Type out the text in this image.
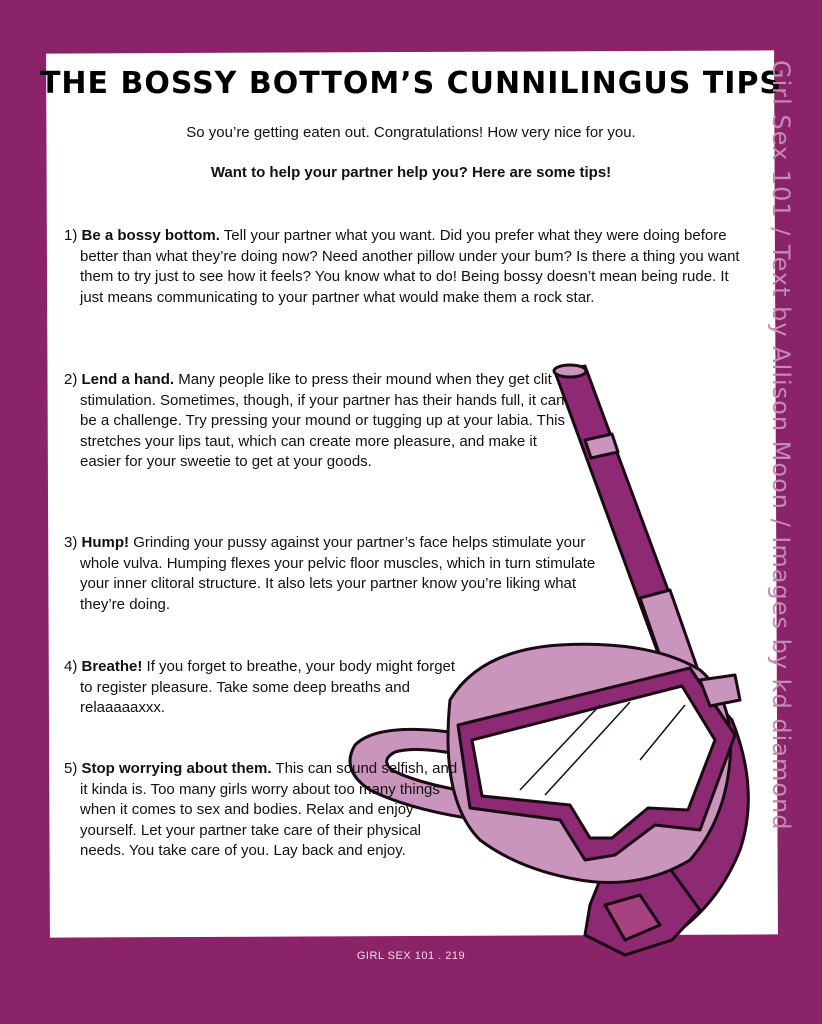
THE BOSSY BOTTOM’S CUNNILINGUS TIPS
So you’re getting eaten out. Congratulations! How very nice for you.
Want to help your partner help you? Here are some tips!

1) Be a bossy bottom. Tell your partner what you want. Did you prefer what they were doing before better than what they’re doing now? Need another pillow under your bum? Is there a thing you want them to try just to see how it feels? You know what to do! Being bossy doesn’t mean being rude. It just means communicating to your partner what would make them a rock star.

2) Lend a hand. Many people like to press their mound when they get clit stimulation. Sometimes, though, if your partner has their hands full, it can be a challenge. Try pressing your mound or tugging up at your labia. This stretches your lips taut, which can create more pleasure, and make it easier for your sweetie to get at your goods.

3) Hump! Grinding your pussy against your partner’s face helps stimulate your whole vulva. Humping flexes your pelvic floor muscles, which in turn stimulate your inner clitoral structure. It also lets your partner know you’re liking what they’re doing.

4) Breathe! If you forget to breathe, your body might forget to register pleasure. Take some deep breaths and relaaaaaxxx.

5) Stop worrying about them. This can sound selfish, and it kinda is. Too many girls worry about too many things when it comes to sex and bodies. Relax and enjoy yourself. Let your partner take care of their physical needs. You take care of you. Lay back and enjoy.

GIRL SEX 101 . 219
Girl Sex 101 / Text by Allison Moon / Images by kd diamond
